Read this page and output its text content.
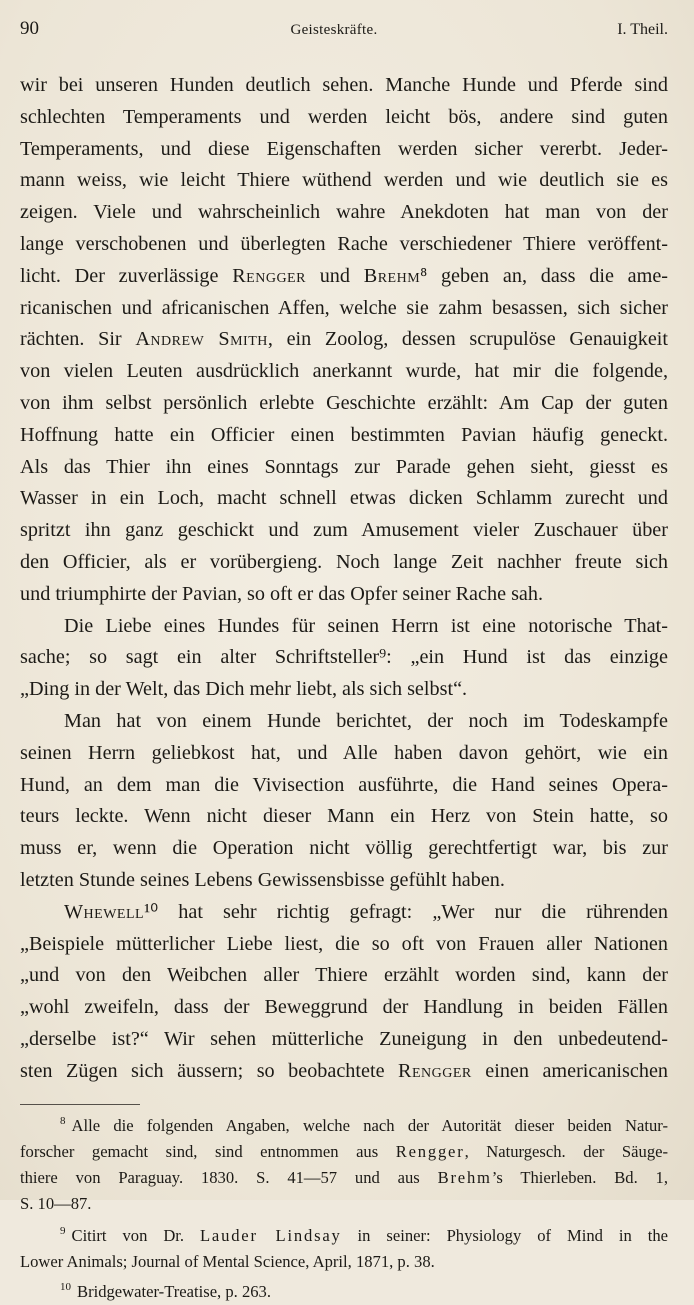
90	Geisteskräfte.	I. Theil.
wir bei unseren Hunden deutlich sehen. Manche Hunde und Pferde sind
schlechten Temperaments und werden leicht bös, andere sind guten
Temperaments, und diese Eigenschaften werden sicher vererbt. Jeder-
mann weiss, wie leicht Thiere wüthend werden und wie deutlich sie es
zeigen. Viele und wahrscheinlich wahre Anekdoten hat man von der
lange verschobenen und überlegten Rache verschiedener Thiere veröffent-
licht. Der zuverlässige Rengger und Brehm⁸ geben an, dass die ame-
ricanischen und africanischen Affen, welche sie zahm besassen, sich sicher
rächten. Sir Andrew Smith, ein Zoolog, dessen scrupulöse Genauigkeit
von vielen Leuten ausdrücklich anerkannt wurde, hat mir die folgende,
von ihm selbst persönlich erlebte Geschichte erzählt: Am Cap der guten
Hoffnung hatte ein Officier einen bestimmten Pavian häufig geneckt.
Als das Thier ihn eines Sonntags zur Parade gehen sieht, giesst es
Wasser in ein Loch, macht schnell etwas dicken Schlamm zurecht und
spritzt ihn ganz geschickt und zum Amusement vieler Zuschauer über
den Officier, als er vorübergieng. Noch lange Zeit nachher freute sich
und triumphirte der Pavian, so oft er das Opfer seiner Rache sah.
Die Liebe eines Hundes für seinen Herrn ist eine notorische That-
sache; so sagt ein alter Schriftsteller⁹: „ein Hund ist das einzige
„Ding in der Welt, das Dich mehr liebt, als sich selbst“.
Man hat von einem Hunde berichtet, der noch im Todeskampfe
seinen Herrn geliebkost hat, und Alle haben davon gehört, wie ein
Hund, an dem man die Vivisection ausführte, die Hand seines Opera-
teurs leckte. Wenn nicht dieser Mann ein Herz von Stein hatte, so
muss er, wenn die Operation nicht völlig gerechtfertigt war, bis zur
letzten Stunde seines Lebens Gewissensbisse gefühlt haben.
Whewell¹⁰ hat sehr richtig gefragt: „Wer nur die rührenden
„Beispiele mütterlicher Liebe liest, die so oft von Frauen aller Nationen
„und von den Weibchen aller Thiere erzählt worden sind, kann der
„wohl zweifeln, dass der Beweggrund der Handlung in beiden Fällen
„derselbe ist?“ Wir sehen mütterliche Zuneigung in den unbedeutend-
sten Zügen sich äussern; so beobachtete Rengger einen americanischen
$^8$ Alle die folgenden Angaben, welche nach der Autorität dieser beiden Natur-
forscher gemacht sind, sind entnommen aus Rengger, Naturgesch. der Säuge-
thiere von Paraguay. 1830. S. 41—57 und aus Brehm’s Thierleben. Bd. 1,
S. 10—87.
$^9$ Citirt von Dr. Lauder Lindsay in seiner: Physiology of Mind in the
Lower Animals; Journal of Mental Science, April, 1871, p. 38.
$^{10}$ Bridgewater-Treatise, p. 263.
